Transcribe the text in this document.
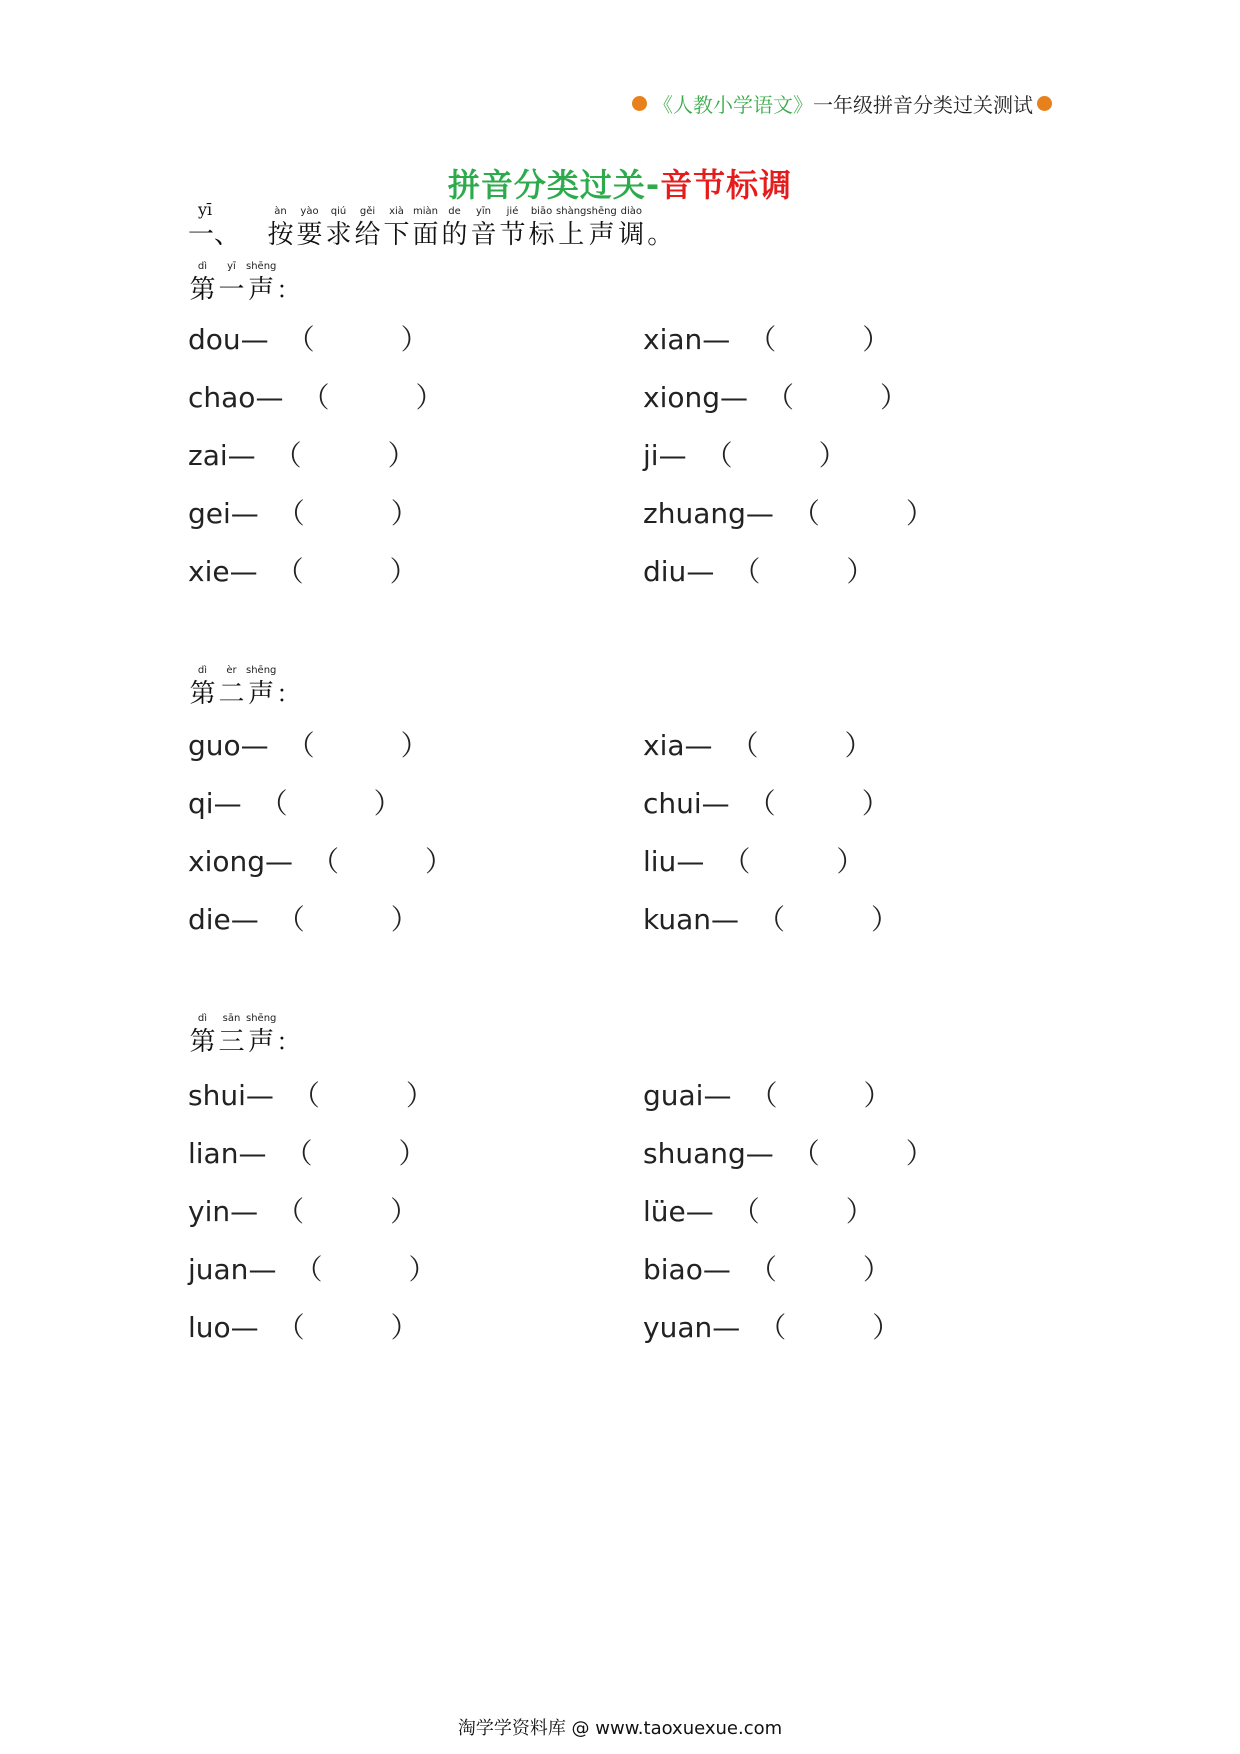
《人教小学语文》 一年级拼音分类过关测试
拼音分类过关-音节标调
yī
一、
àn
按
yào
要
qiú
求
gěi
给
xià
下
miàn
面
de
的
yīn
音
jié
节
biāo
标
shàng
上
shēng
声
diào
调 。
dì
第
yī
一
shēng
声 ：
dou — （	）
chao — （	）
zai — （	）
gei — （	）
xie — （	）
xian — （	）
xiong — （	）
ji — （	）
zhuang — （	）
diu — （	）
dì
第
èr
二
shēng
声 ：
guo — （	）
qi — （	）
xiong — （	）
die — （	）
xia — （	）
chui — （	）
liu — （	）
kuan — （	）
dì
第
sān
三
shēng
声 ：
shui — （	）
lian — （	）
yin — （	）
juan — （	）
luo — （	）
guai — （	）
shuang — （	）
lüe — （	）
biao — （	）
yuan — （	）
淘学学资料库 @ www.taoxuexue.com
